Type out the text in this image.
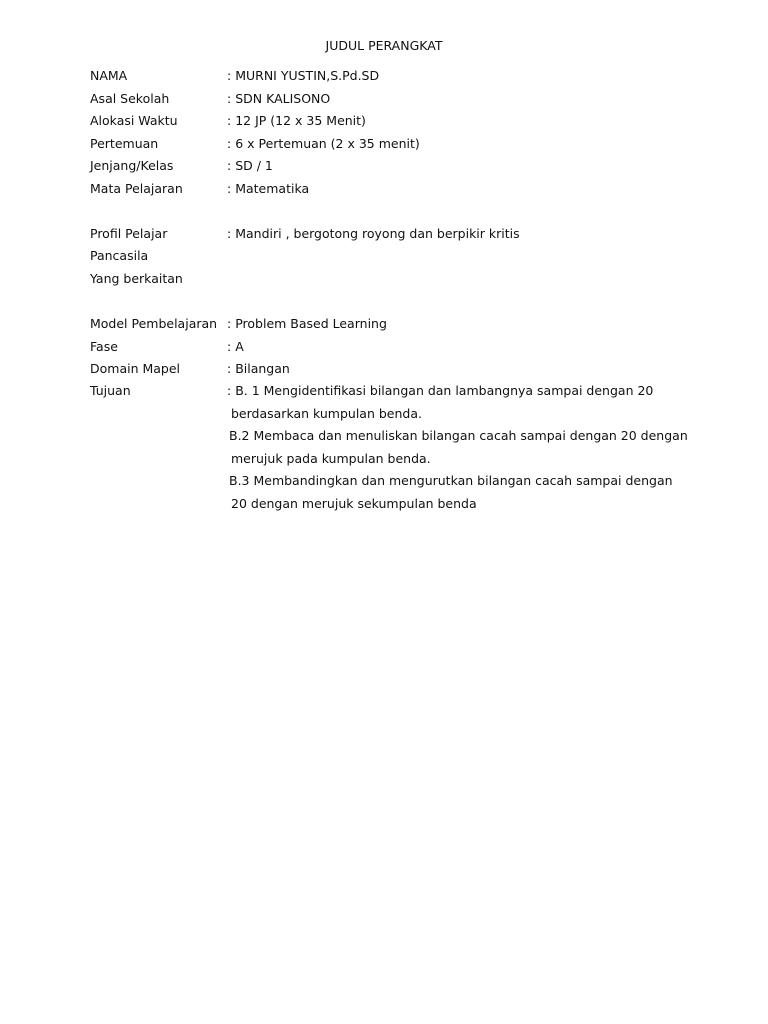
JUDUL PERANGKAT
NAMA	: MURNI YUSTIN,S.Pd.SD
Asal Sekolah	: SDN KALISONO
Alokasi Waktu	: 12 JP (12 x 35 Menit)
Pertemuan	: 6 x Pertemuan (2 x 35 menit)
Jenjang/Kelas	: SD / 1
Mata Pelajaran	: Matematika
Profil Pelajar	: Mandiri , bergotong royong dan berpikir kritis
Pancasila
Yang berkaitan
Model Pembelajaran : Problem Based Learning
Fase	: A
Domain Mapel	: Bilangan
Tujuan	: B. 1 Mengidentifikasi bilangan dan lambangnya sampai dengan 20
berdasarkan kumpulan benda.
B.2 Membaca dan menuliskan bilangan cacah sampai dengan 20 dengan
merujuk pada kumpulan benda.
B.3 Membandingkan dan mengurutkan bilangan cacah sampai dengan
20 dengan merujuk sekumpulan benda
